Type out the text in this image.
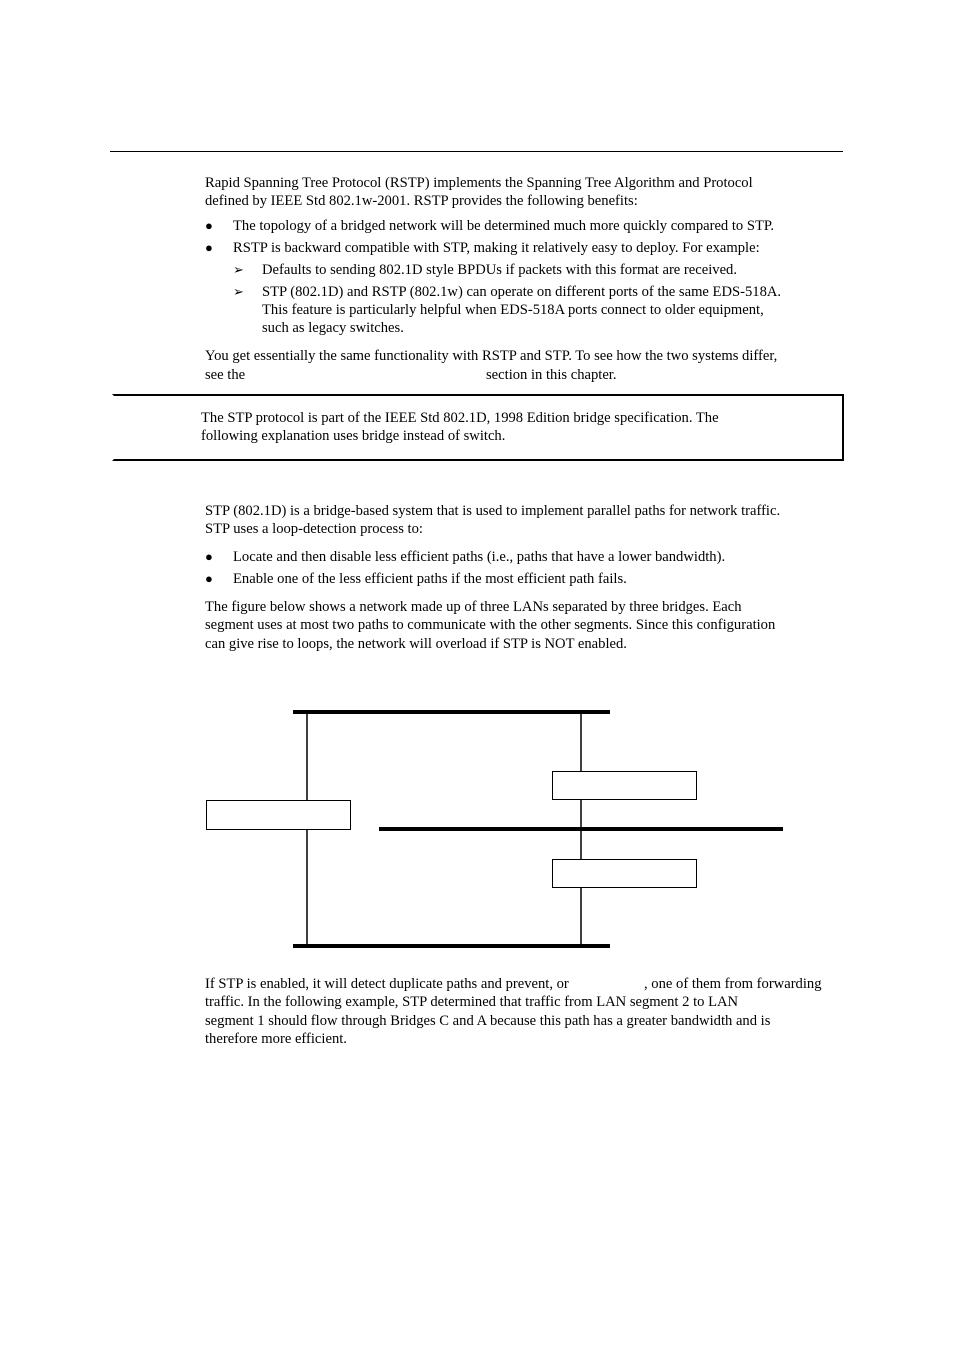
Rapid Spanning Tree Protocol (RSTP) implements the Spanning Tree Algorithm and Protocol
defined by IEEE Std 802.1w-2001. RSTP provides the following benefits:
● The topology of a bridged network will be determined much more quickly compared to STP.
● RSTP is backward compatible with STP, making it relatively easy to deploy. For example:
➢ Defaults to sending 802.1D style BPDUs if packets with this format are received.
➢ STP (802.1D) and RSTP (802.1w) can operate on different ports of the same EDS-518A.
This feature is particularly helpful when EDS-518A ports connect to older equipment,
such as legacy switches.
You get essentially the same functionality with RSTP and STP. To see how the two systems differ,
see the	section in this chapter.
The STP protocol is part of the IEEE Std 802.1D, 1998 Edition bridge specification. The
following explanation uses bridge instead of switch.
STP (802.1D) is a bridge-based system that is used to implement parallel paths for network traffic.
STP uses a loop-detection process to:
● Locate and then disable less efficient paths (i.e., paths that have a lower bandwidth).
● Enable one of the less efficient paths if the most efficient path fails.
The figure below shows a network made up of three LANs separated by three bridges. Each
segment uses at most two paths to communicate with the other segments. Since this configuration
can give rise to loops, the network will overload if STP is NOT enabled.
If STP is enabled, it will detect duplicate paths and prevent, or	, one of them from forwarding
traffic. In the following example, STP determined that traffic from LAN segment 2 to LAN
segment 1 should flow through Bridges C and A because this path has a greater bandwidth and is
therefore more efficient.
